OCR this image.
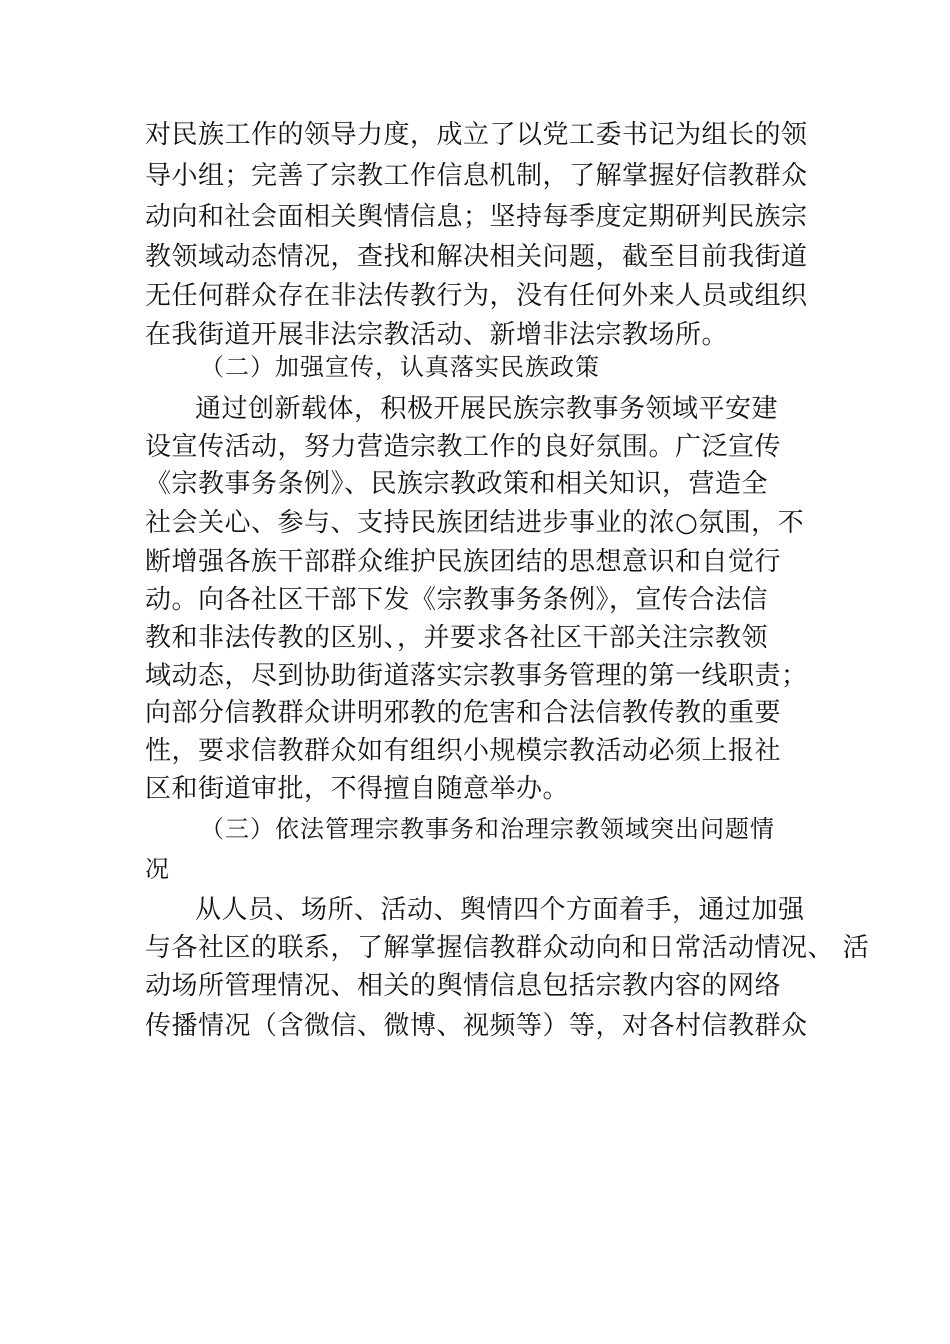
对民族工作的领导力度，成立了以党工委书记为组长的领
导小组；完善了宗教工作信息机制，了解掌握好信教群众
动向和社会面相关舆情信息；坚持每季度定期研判民族宗
教领域动态情况，查找和解决相关问题，截至目前我街道
无任何群众存在非法传教行为，没有任何外来人员或组织
在我街道开展非法宗教活动、新增非法宗教场所。
（二）加强宣传，认真落实民族政策
通过创新载体，积极开展民族宗教事务领域平安建
设宣传活动，努力营造宗教工作的良好氛围。广泛宣传
《宗教事务条例》、民族宗教政策和相关知识，营造全
社会关心、参与、支持民族团结进步事业的浓○氛围，不
断增强各族干部群众维护民族团结的思想意识和自觉行
动。向各社区干部下发《宗教事务条例》，宣传合法信
教和非法传教的区别、，并要求各社区干部关注宗教领
域动态，尽到协助街道落实宗教事务管理的第一线职责；
向部分信教群众讲明邪教的危害和合法信教传教的重要
性，要求信教群众如有组织小规模宗教活动必须上报社
区和街道审批，不得擅自随意举办。
（三）依法管理宗教事务和治理宗教领域突出问题情
况
从人员、场所、活动、舆情四个方面着手，通过加强
与各社区的联系，了解掌握信教群众动向和日常活动情况、 活
动场所管理情况、相关的舆情信息包括宗教内容的网络
传播情况（含微信、微博、视频等）等，对各村信教群众
